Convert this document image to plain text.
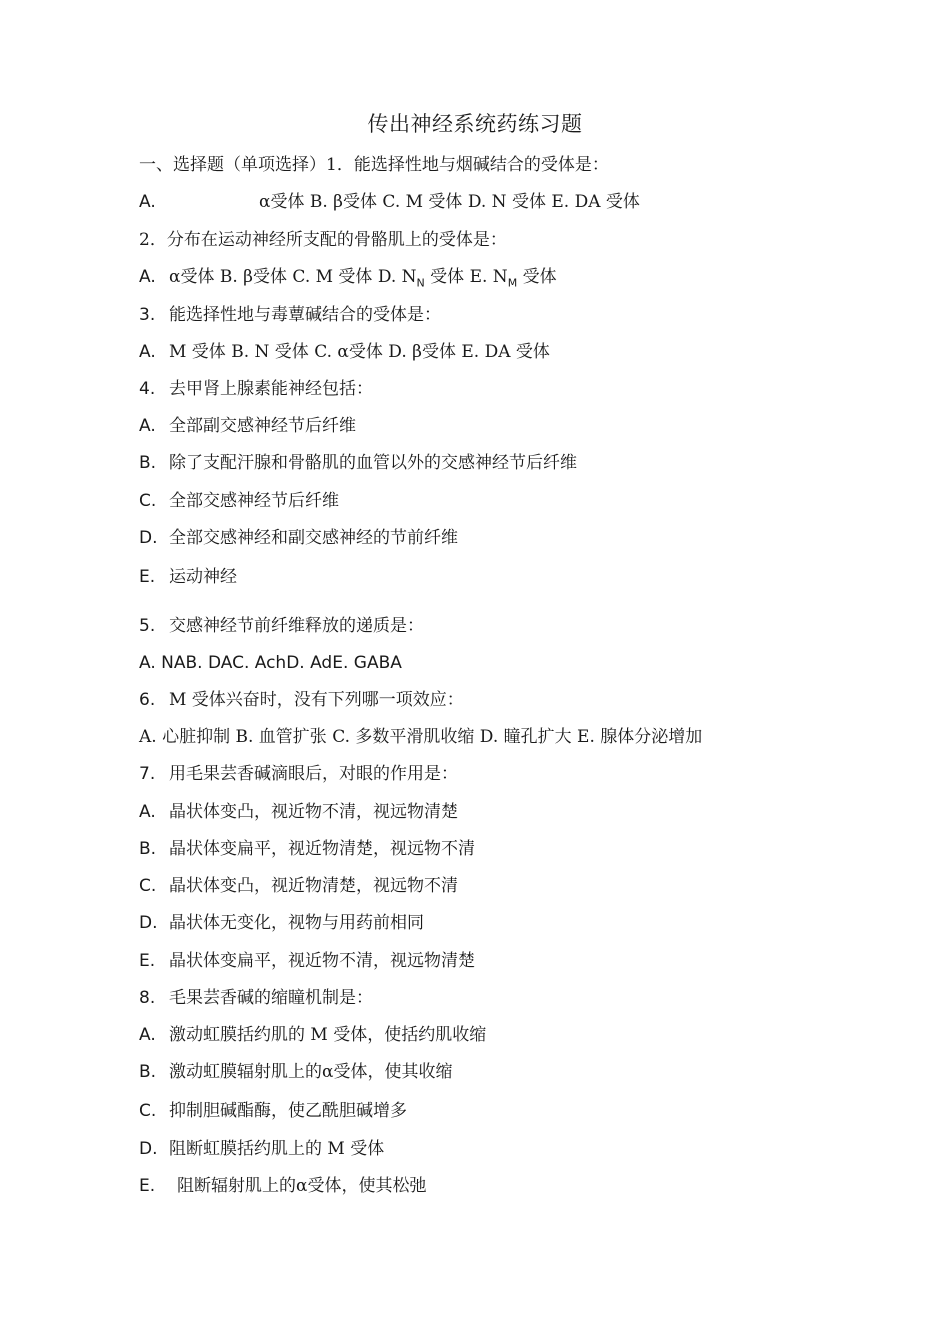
传出神经系统药练习题
一、选择题（单项选择）1．能选择性地与烟碱结合的受体是：
A.	α受体 B. β受体 C. M 受体 D. N 受体 E. DA 受体
2．分布在运动神经所支配的骨骼肌上的受体是：
A. α受体 B. β受体 C. M 受体 D. $N_N$ 受体 E. $N_M$ 受体
3. 能选择性地与毒蕈碱结合的受体是：
A. M 受体 B. N 受体 C. α受体 D. β受体 E. DA 受体
4. 去甲肾上腺素能神经包括：
A. 全部副交感神经节后纤维
B. 除了支配汗腺和骨骼肌的血管以外的交感神经节后纤维
C. 全部交感神经节后纤维
D. 全部交感神经和副交感神经的节前纤维
E. 运动神经
5. 交感神经节前纤维释放的递质是：
A. NAB. DAC. AchD. AdE. GABA
6. M 受体兴奋时，没有下列哪一项效应：
A. 心脏抑制 B. 血管扩张 C. 多数平滑肌收缩 D. 瞳孔扩大 E. 腺体分泌增加
7. 用毛果芸香碱滴眼后，对眼的作用是：
A. 晶状体变凸，视近物不清，视远物清楚
B. 晶状体变扁平，视近物清楚，视远物不清
C. 晶状体变凸，视近物清楚，视远物不清
D. 晶状体无变化，视物与用药前相同
E. 晶状体变扁平，视近物不清，视远物清楚
8. 毛果芸香碱的缩瞳机制是：
A. 激动虹膜括约肌的 M 受体，使括约肌收缩
B. 激动虹膜辐射肌上的α受体，使其收缩
C. 抑制胆碱酯酶，使乙酰胆碱增多
D. 阻断虹膜括约肌上的 M 受体
E. 阻断辐射肌上的α受体，使其松弛
